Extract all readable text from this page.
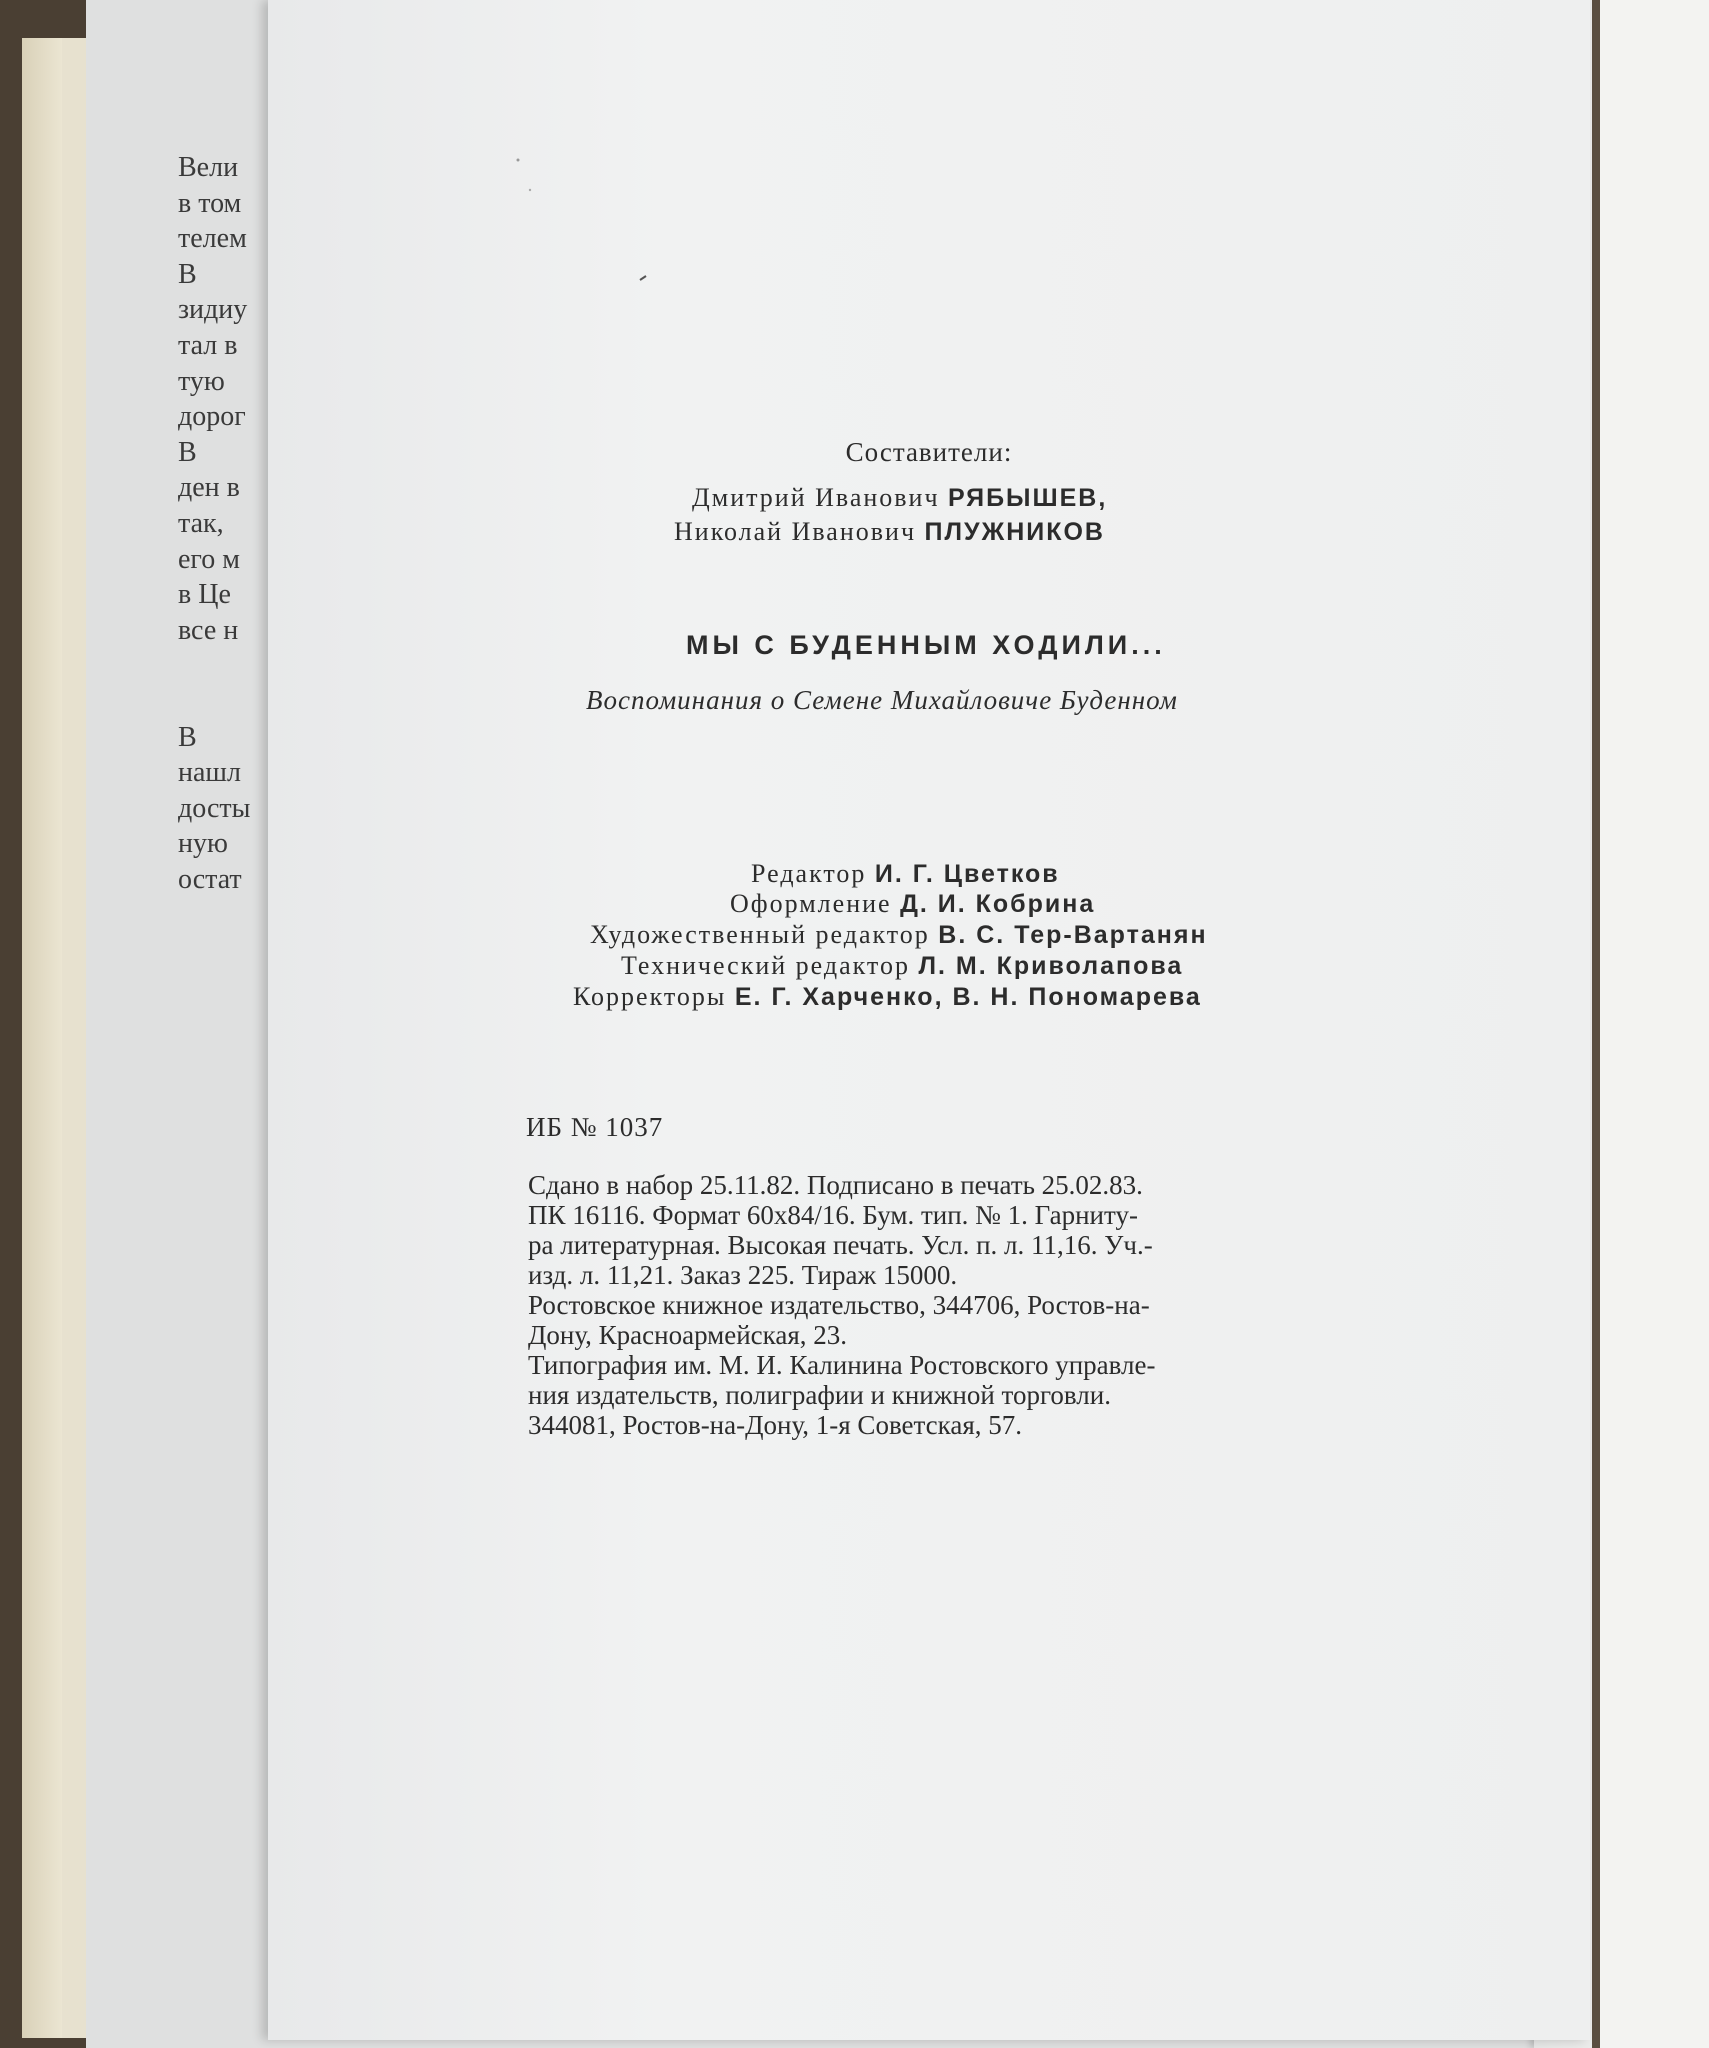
Вели
в том
телем
В
зидиу
тал в
тую
дорог
В
ден в
так,
его м
в Це
все н

В
нашл
досты
ную
остат
Составители:
Дмитрий Иванович РЯБЫШЕВ,
Николай Иванович ПЛУЖНИКОВ
МЫ С БУДЕННЫМ ХОДИЛИ...
Воспоминания о Семене Михайловиче Буденном
Редактор И. Г. Цветков
Оформление Д. И. Кобрина
Художественный редактор В. С. Тер-Вартанян
Технический редактор Л. М. Криволапова
Корректоры Е. Г. Харченко, В. Н. Пономарева
ИБ № 1037
Сдано в набор 25.11.82. Подписано в печать 25.02.83.
ПК 16116. Формат 60х84/16. Бум. тип. № 1. Гарниту-
ра литературная. Высокая печать. Усл. п. л. 11,16. Уч.-
изд. л. 11,21. Заказ 225. Тираж 15000.
Ростовское книжное издательство, 344706, Ростов-на-
Дону, Красноармейская, 23.
Типография им. М. И. Калинина Ростовского управле-
ния издательств, полиграфии и книжной торговли.
344081, Ростов-на-Дону, 1-я Советская, 57.
